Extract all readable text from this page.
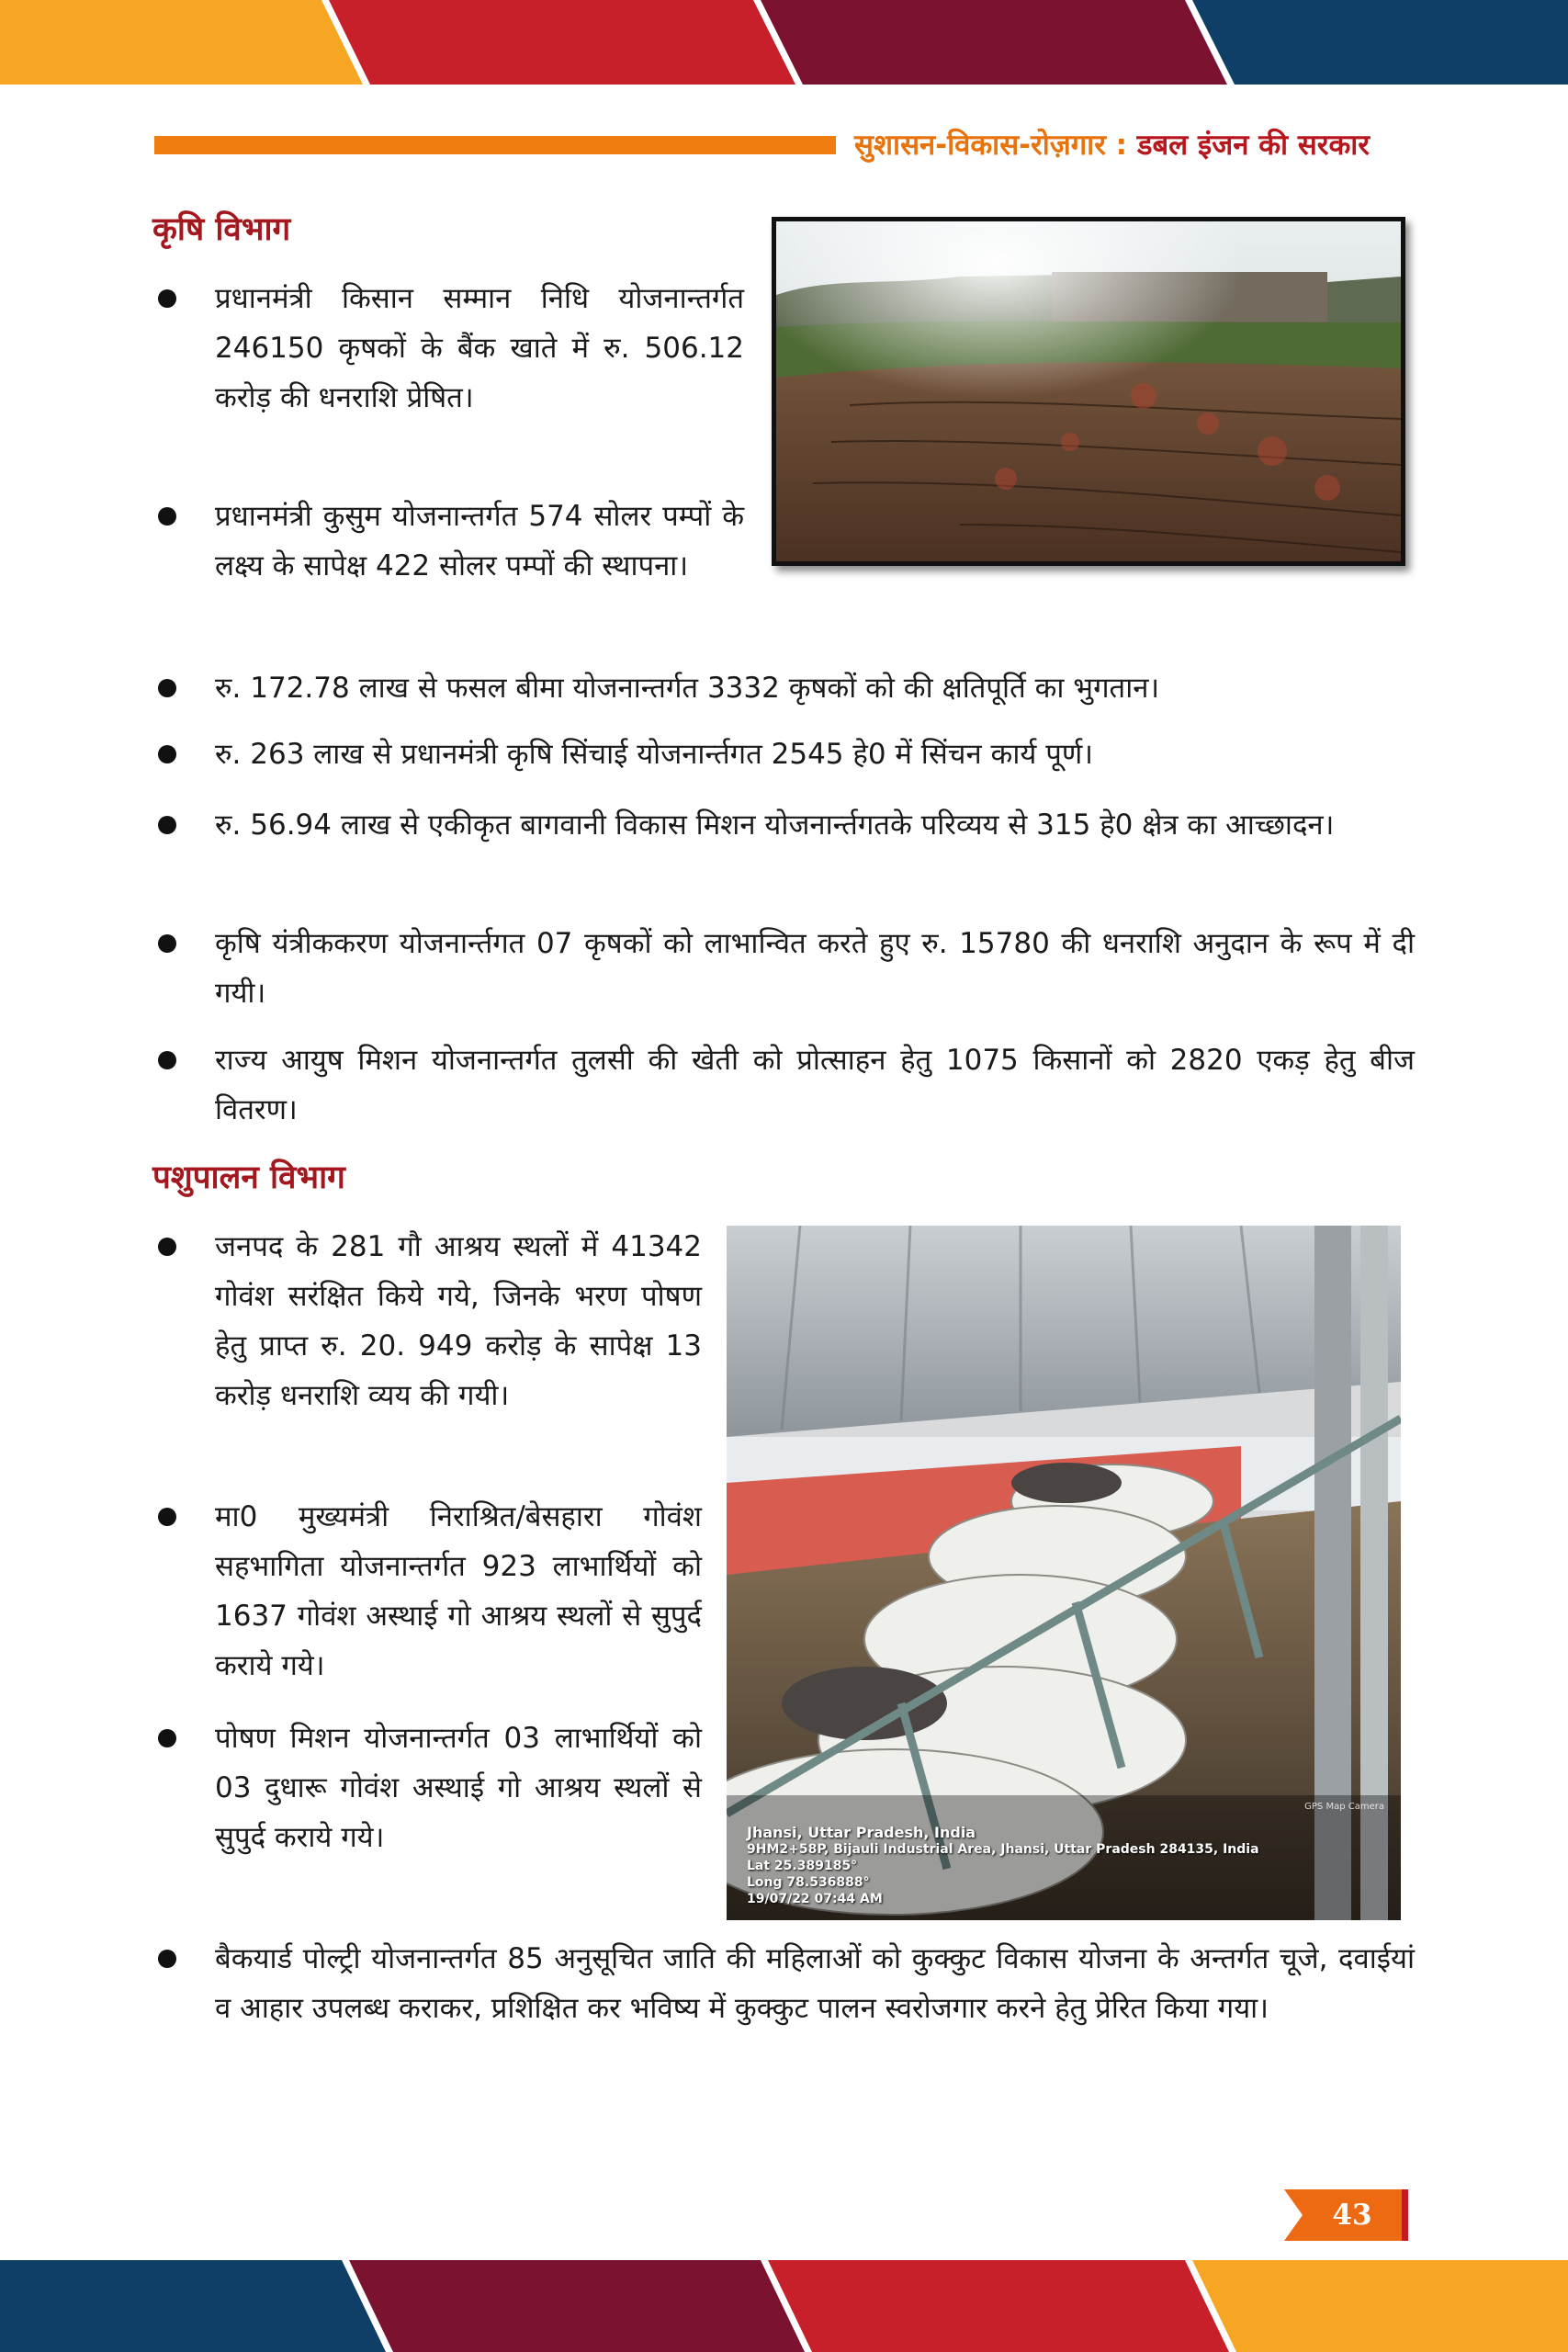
सुशासन-विकास-रोज़गार : डबल इंजन की सरकार
कृषि विभाग
प्रधानमंत्री किसान सम्मान निधि योजनान्तर्गत 246150 कृषकों के बैंक खाते में रु. 506.12 करोड़ की धनराशि प्रेषित।
प्रधानमंत्री कुसुम योजनान्तर्गत 574 सोलर पम्पों के लक्ष्य के सापेक्ष 422 सोलर पम्पों की स्थापना।
रु. 172.78 लाख से फसल बीमा योजनान्तर्गत 3332 कृषकों को की क्षतिपूर्ति का भुगतान।
रु. 263 लाख से प्रधानमंत्री कृषि सिंचाई योजनार्न्तगत 2545 हे0 में सिंचन कार्य पूर्ण।
रु. 56.94 लाख से एकीकृत बागवानी विकास मिशन योजनार्न्तगतके परिव्यय से 315 हे0 क्षेत्र का आच्छादन।
कृषि यंत्रीककरण योजनार्न्तगत 07 कृषकों को लाभान्वित करते हुए रु. 15780 की धनराशि अनुदान के रूप में दी गयी।
राज्य आयुष मिशन योजनान्तर्गत तुलसी की खेती को प्रोत्साहन हेतु 1075 किसानों को 2820 एकड़ हेतु बीज वितरण।
पशुपालन विभाग
जनपद के 281 गौ आश्रय स्थलों में 41342 गोवंश सरंक्षित किये गये, जिनके भरण पोषण हेतु प्राप्त रु. 20. 949 करोड़ के सापेक्ष 13 करोड़ धनराशि व्यय की गयी।
मा0 मुख्यमंत्री निराश्रित/बेसहारा गोवंश सहभागिता योजनान्तर्गत 923 लाभार्थियों को 1637 गोवंश अस्थाई गो आश्रय स्थलों से सुपुर्द कराये गये।
पोषण मिशन योजनान्तर्गत 03 लाभार्थियों को 03 दुधारू गोवंश अस्थाई गो आश्रय स्थलों से सुपुर्द कराये गये।
बैकयार्ड पोल्ट्री योजनान्तर्गत 85 अनुसूचित जाति की महिलाओं को कुक्कुट विकास योजना के अन्तर्गत चूजे, दवाईयां व आहार उपलब्ध कराकर, प्रशिक्षित कर भविष्य में कुक्कुट पालन स्वरोजगार करने हेतु प्रेरित किया गया।
Jhansi, Uttar Pradesh, India
9HM2+58P, Bijauli Industrial Area, Jhansi, Uttar Pradesh 284135, India
Lat 25.389185°
Long 78.536888°
19/07/22 07:44 AM
GPS Map Camera
43
